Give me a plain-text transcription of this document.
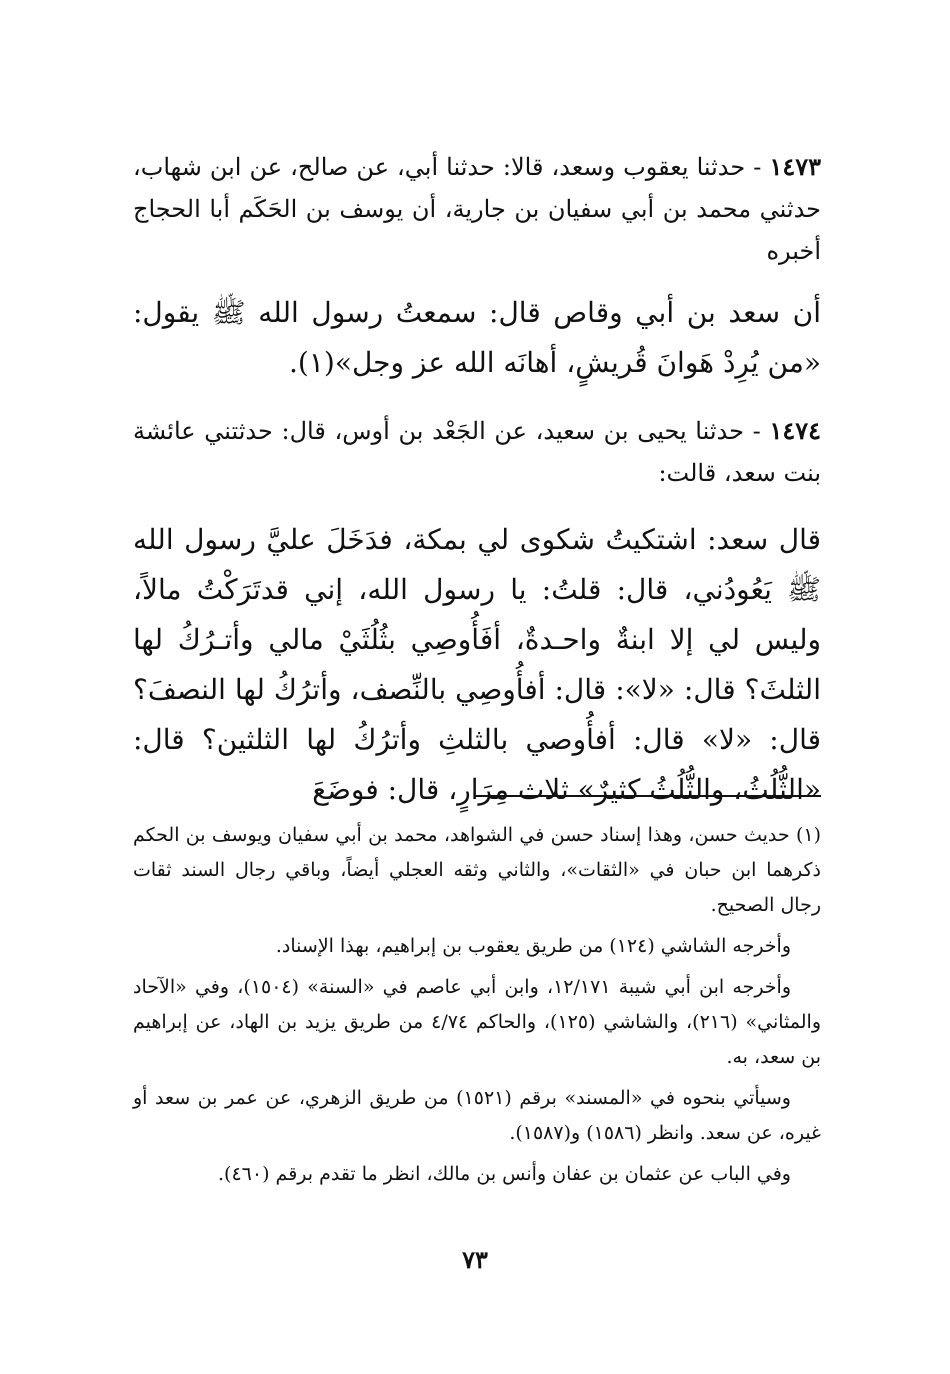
١٤٧٣ - حدثنا يعقوب وسعد، قالا: حدثنا أبي، عن صالح، عن ابن شهاب، حدثني محمد بن أبي سفيان بن جارية، أن يوسف بن الحَكَم أبا الحجاج أخبره
أن سعد بن أبي وقاص قال: سمعتُ رسول الله ﷺ يقول: «من يُرِدْ هَوانَ قُريشٍ، أهانَه الله عز وجل»(١).
١٤٧٤ - حدثنا يحيى بن سعيد، عن الجَعْد بن أوس، قال: حدثتني عائشة بنت سعد، قالت:
قال سعد: اشتكيتُ شكوى لي بمكة، فدَخَلَ عليَّ رسول الله ﷺ يَعُودُني، قال: قلتُ: يا رسول الله، إني قدتَرَكْتُ مالاً، وليس لي إلا ابنةٌ واحـدةٌ، أفَأُوصِي بثُلُثَيْ مالي وأتـرُكُ لها الثلثَ؟ قال: «لا»: قال: أفأُوصِي بالنِّصف، وأترُكُ لها النصفَ؟ قال: «لا» قال: أفأُوصي بالثلثِ وأترُكُ لها الثلثين؟ قال: «الثُّلُثُ، والثُّلُثُ كثيرٌ» ثلاث مِرَارٍ، قال: فوضَعَ

(١) حديث حسن، وهذا إسناد حسن في الشواهد، محمد بن أبي سفيان ويوسف بن الحكم ذكرهما ابن حبان في «الثقات»، والثاني وثقه العجلي أيضاً، وباقي رجال السند ثقات رجال الصحيح.

وأخرجه الشاشي (١٢٤) من طريق يعقوب بن إبراهيم، بهذا الإسناد.

وأخرجه ابن أبي شيبة ١٢/١٧١، وابن أبي عاصم في «السنة» (١٥٠٤)، وفي «الآحاد والمثاني» (٢١٦)، والشاشي (١٢٥)، والحاكم ٤/٧٤ من طريق يزيد بن الهاد، عن إبراهيم بن سعد، به.

وسيأتي بنحوه في «المسند» برقم (١٥٢١) من طريق الزهري، عن عمر بن سعد أو غيره، عن سعد. وانظر (١٥٨٦) و(١٥٨٧).

وفي الباب عن عثمان بن عفان وأنس بن مالك، انظر ما تقدم برقم (٤٦٠).

٧٣
